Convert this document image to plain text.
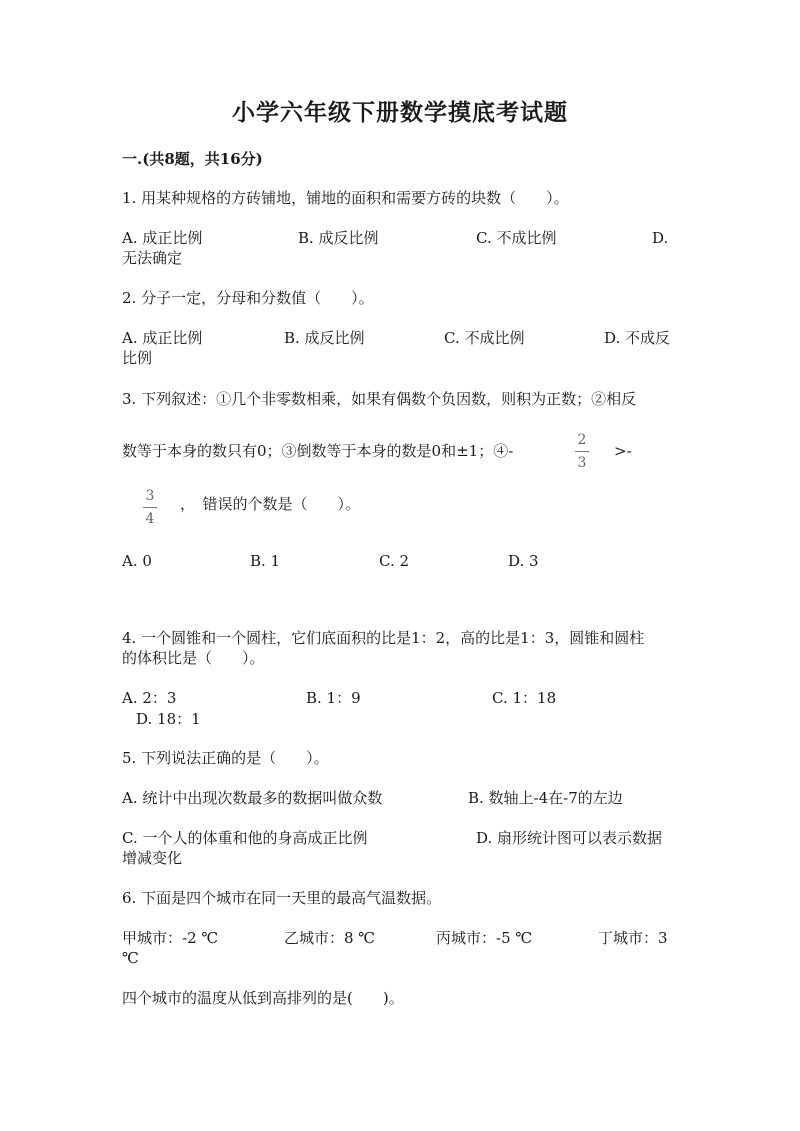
小学六年级下册数学摸底考试题
一.(共8题，共16分)
1. 用某种规格的方砖铺地，铺地的面积和需要方砖的块数（　　）。
A. 成正比例	B. 成反比例	C. 不成比例	D.
无法确定
2. 分子一定，分母和分数值（　　）。
A. 成正比例	B. 成反比例	C. 不成比例	D. 不成反
比例
3. 下列叙述：①几个非零数相乘，如果有偶数个负因数，则积为正数；②相反
数等于本身的数只有0；③倒数等于本身的数是0和±1；④-
2
3
>-
3
4
，　错误的个数是（　　）。
A. 0	B. 1	C. 2	D. 3
4. 一个圆锥和一个圆柱，它们底面积的比是1：2，高的比是1：3，圆锥和圆柱
的体积比是（　　）。
A. 2：3	B. 1：9	C. 1：18
D. 18：1
5. 下列说法正确的是（　　）。
A. 统计中出现次数最多的数据叫做众数	B. 数轴上-4在-7的左边
C. 一个人的体重和他的身高成正比例	D. 扇形统计图可以表示数据
增减变化
6. 下面是四个城市在同一天里的最高气温数据。
甲城市：-2 ℃	乙城市：8 ℃	丙城市：-5 ℃	丁城市：3
℃
四个城市的温度从低到高排列的是(　　)。
